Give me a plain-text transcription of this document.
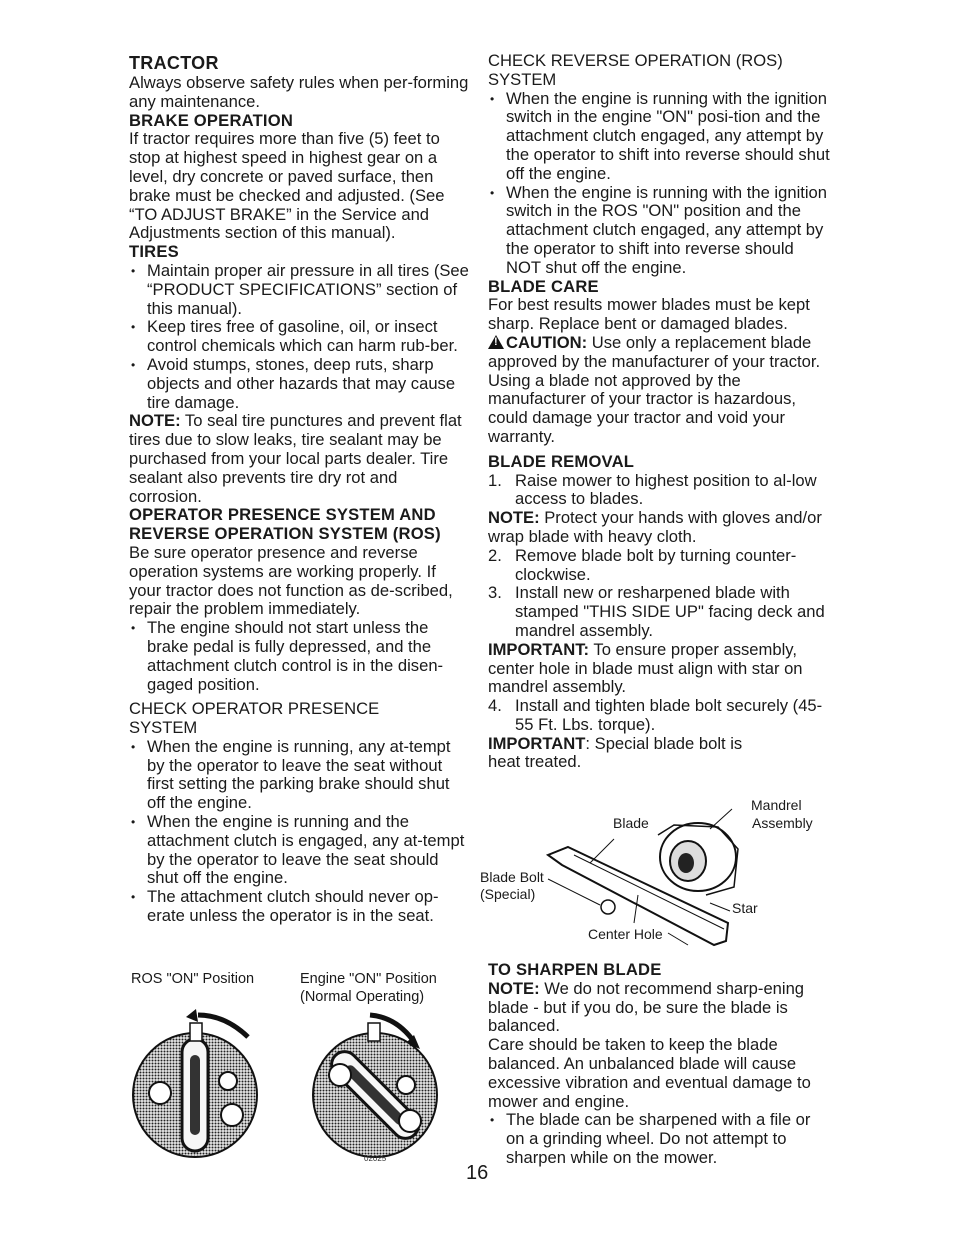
TRACTOR

Always observe safety rules when per-forming any maintenance.

BRAKE OPERATION

If tractor requires more than five (5) feet to stop at highest speed in highest gear on a level, dry concrete or paved surface, then brake must be checked and adjusted. (See “TO ADJUST BRAKE” in the Service and Adjustments section of this manual).

TIRES
• Maintain proper air pressure in all tires (See “PRODUCT SPECIFICATIONS” section of this manual).
• Keep tires free of gasoline, oil, or insect control chemicals which can harm rub-ber.
• Avoid stumps, stones, deep ruts, sharp objects and other hazards that may cause tire damage.

NOTE: To seal tire punctures and prevent flat tires due to slow leaks, tire sealant may be purchased from your local parts dealer. Tire sealant also prevents tire dry rot and corrosion.

OPERATOR PRESENCE SYSTEM AND REVERSE OPERATION SYSTEM (ROS)

Be sure operator presence and reverse operation systems are working properly. If your tractor does not function as de-scribed, repair the problem immediately.

• The engine should not start unless the brake pedal is fully depressed, and the attachment clutch control is in the disen-gaged position.
CHECK OPERATOR PRESENCE SYSTEM
• When the engine is running, any at-tempt by the operator to leave the seat without first setting the parking brake should shut off the engine.
• When the engine is running and the attachment clutch is engaged, any at-tempt by the operator to leave the seat should shut off the engine.
• The attachment clutch should never op-erate unless the operator is in the seat.
ROS "ON" Position	Engine "ON" Position
(Normal Operating)
02025
CHECK REVERSE OPERATION (ROS) SYSTEM
• When the engine is running with the ignition switch in the engine "ON" posi-tion and the attachment clutch engaged, any attempt by the operator to shift into reverse should shut off the engine.
• When the engine is running with the ignition switch in the ROS "ON" position and the attachment clutch engaged, any attempt by the operator to shift into reverse should NOT shut off the engine.
BLADE CARE

For best results mower blades must be kept sharp. Replace bent or damaged blades.

!CAUTION: Use only a replacement blade approved by the manufacturer of your tractor. Using a blade not approved by the manufacturer of your tractor is hazardous, could damage your tractor and void your warranty.

BLADE REMOVAL
1. Raise mower to highest position to al-low access to blades.

NOTE: Protect your hands with gloves and/or wrap blade with heavy cloth.

2. Remove blade bolt by turning counter-clockwise.
3. Install new or resharpened blade with stamped "THIS SIDE UP" facing deck and mandrel assembly.

IMPORTANT: To ensure proper assembly, center hole in blade must align with star on mandrel assembly.

4. Install and tighten blade bolt securely (45-55 Ft. Lbs. torque).

IMPORTANT: Special blade bolt is heat treated.

Mandrel
Assembly
Blade
Blade Bolt
(Special)
Star
Center Hole
TO SHARPEN BLADE

NOTE: We do not recommend sharp-ening blade - but if you do, be sure the blade is balanced.

Care should be taken to keep the blade balanced. An unbalanced blade will cause excessive vibration and eventual damage to mower and engine.

• The blade can be sharpened with a file or on a grinding wheel. Do not attempt to sharpen while on the mower.
16
